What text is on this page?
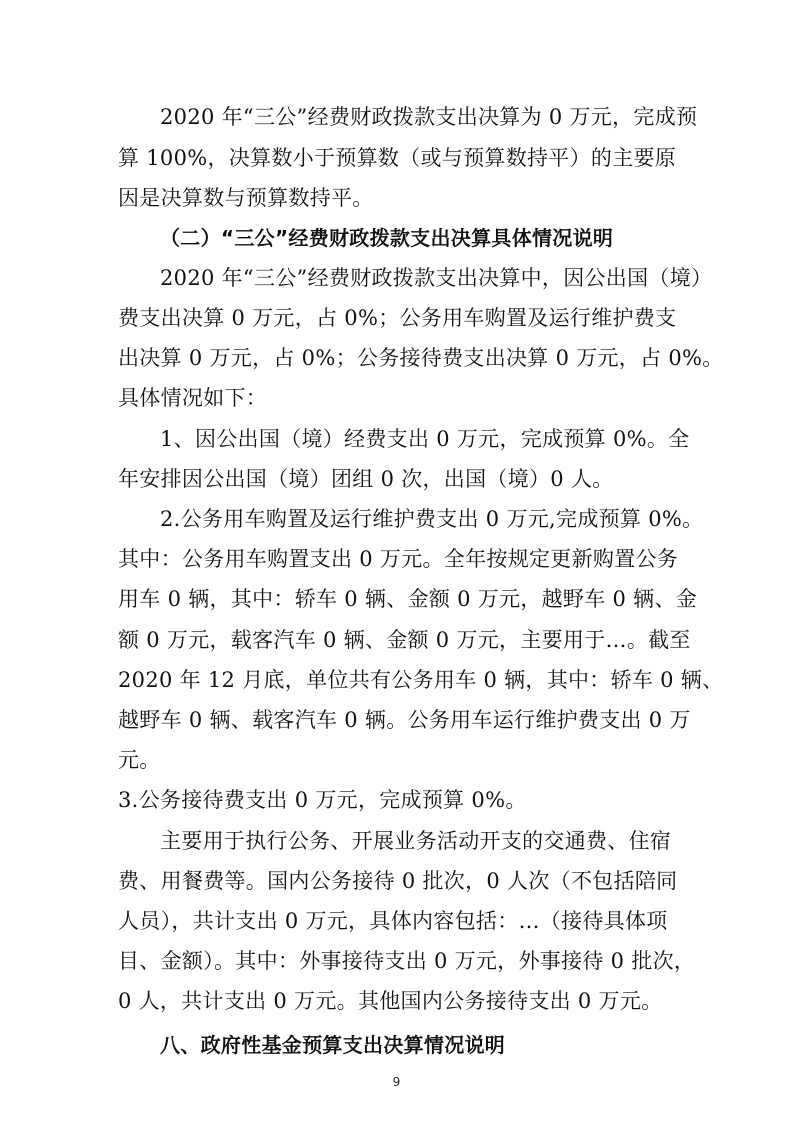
2020 年“三公”经费财政拨款支出决算为 0 万元，完成预
算 100%，决算数小于预算数（或与预算数持平）的主要原
因是决算数与预算数持平。
（二）“三公”经费财政拨款支出决算具体情况说明
2020 年“三公”经费财政拨款支出决算中，因公出国（境）
费支出决算 0 万元，占 0%；公务用车购置及运行维护费支
出决算 0 万元，占 0%；公务接待费支出决算 0 万元，占 0%。
具体情况如下：
1、因公出国（境）经费支出 0 万元，完成预算 0%。全
年安排因公出国（境）团组 0 次，出国（境）0 人。
2.公务用车购置及运行维护费支出 0 万元,完成预算 0%。
其中：公务用车购置支出 0 万元。全年按规定更新购置公务
用车 0 辆，其中：轿车 0 辆、金额 0 万元，越野车 0 辆、金
额 0 万元，载客汽车 0 辆、金额 0 万元，主要用于…。截至
2020 年 12 月底，单位共有公务用车 0 辆，其中：轿车 0 辆、
越野车 0 辆、载客汽车 0 辆。公务用车运行维护费支出 0 万
元。
3.公务接待费支出 0 万元，完成预算 0%。
主要用于执行公务、开展业务活动开支的交通费、住宿
费、用餐费等。国内公务接待 0 批次，0 人次（不包括陪同
人员），共计支出 0 万元，具体内容包括：…（接待具体项
目、金额）。其中：外事接待支出 0 万元，外事接待 0 批次，
0 人，共计支出 0 万元。其他国内公务接待支出 0 万元。
八、政府性基金预算支出决算情况说明
9
